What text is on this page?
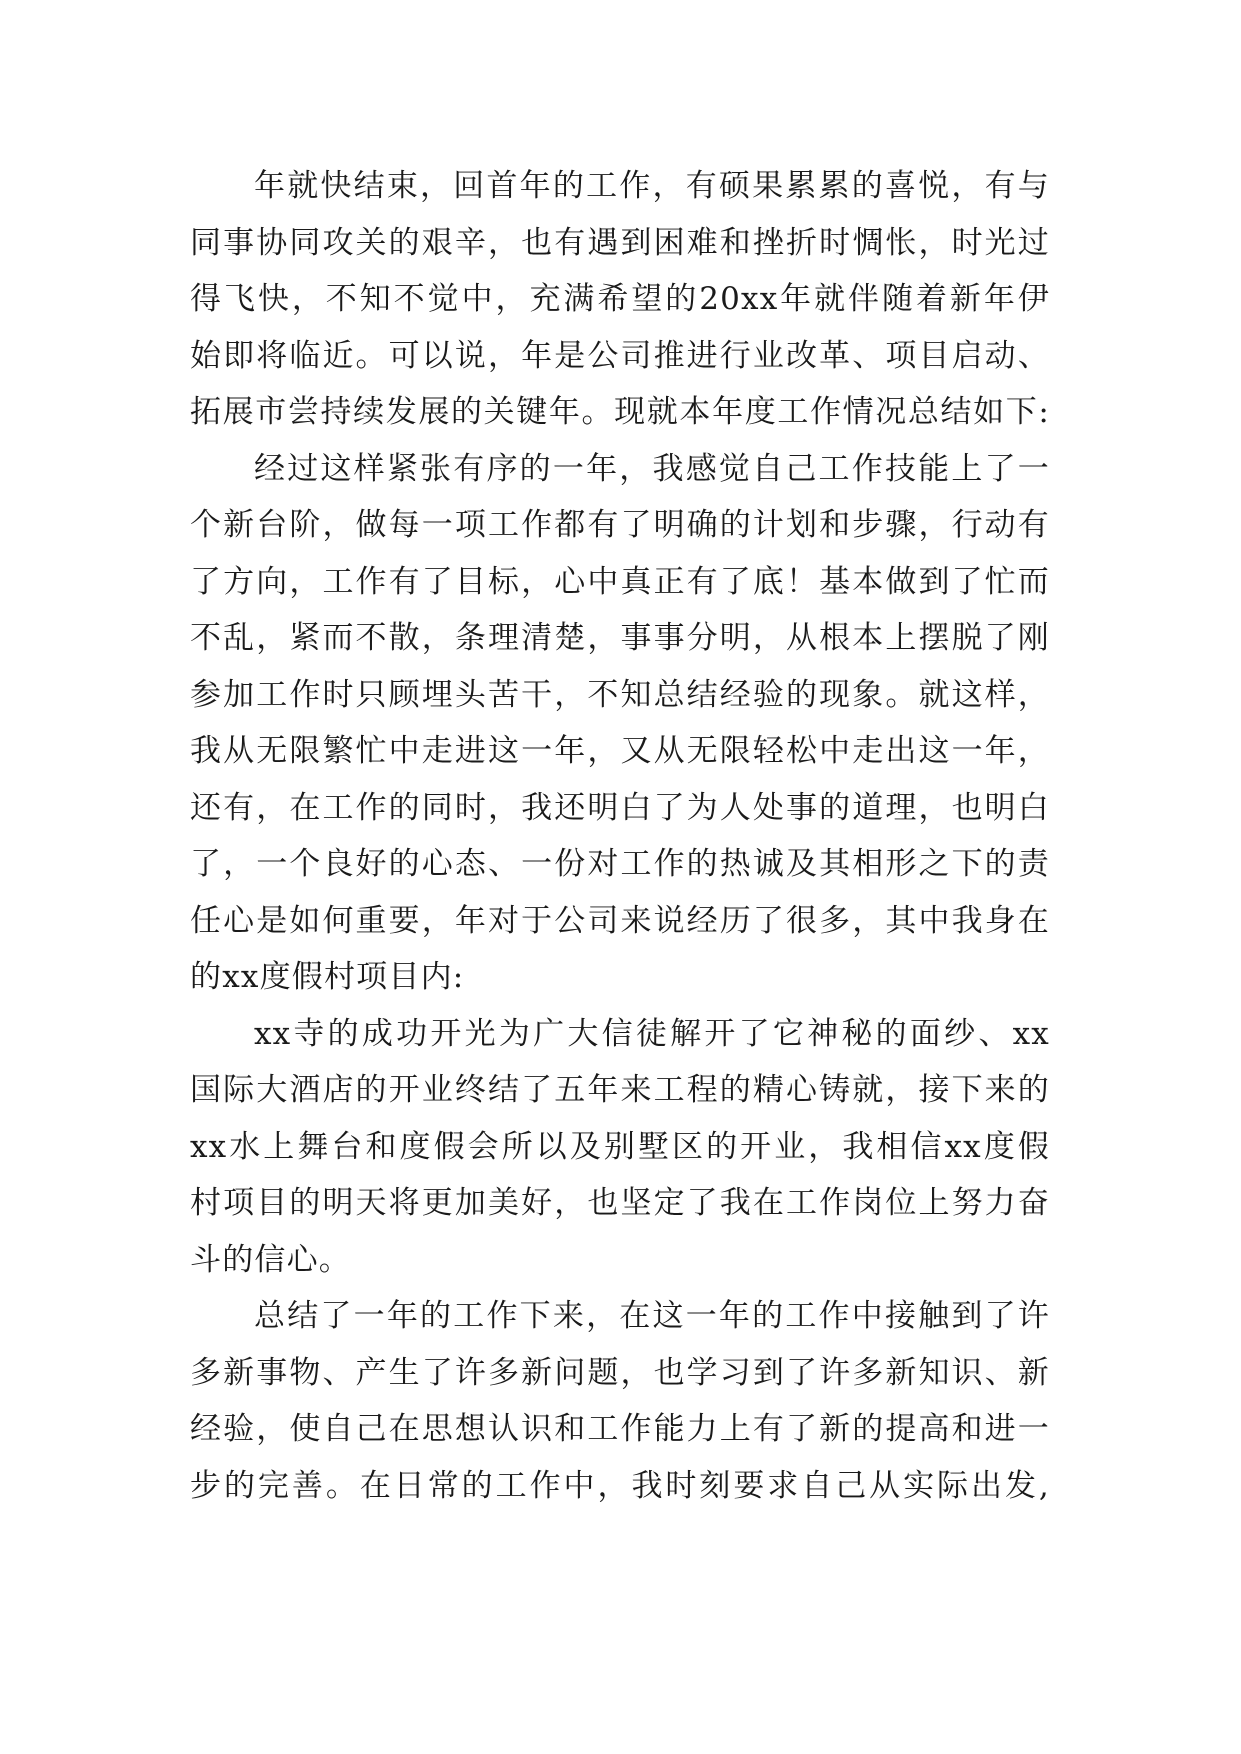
年就快结束，回首年的工作，有硕果累累的喜悦，有与
同事协同攻关的艰辛，也有遇到困难和挫折时惆怅，时光过
得飞快，不知不觉中，充满希望的20xx年就伴随着新年伊
始即将临近。可以说，年是公司推进行业改革、项目启动、
拓展市尝持续发展的关键年。现就本年度工作情况总结如下:
经过这样紧张有序的一年，我感觉自己工作技能上了一
个新台阶，做每一项工作都有了明确的计划和步骤，行动有
了方向，工作有了目标，心中真正有了底！基本做到了忙而
不乱，紧而不散，条理清楚，事事分明，从根本上摆脱了刚
参加工作时只顾埋头苦干，不知总结经验的现象。就这样，
我从无限繁忙中走进这一年，又从无限轻松中走出这一年，
还有，在工作的同时，我还明白了为人处事的道理，也明白
了，一个良好的心态、一份对工作的热诚及其相形之下的责
任心是如何重要，年对于公司来说经历了很多，其中我身在
的xx度假村项目内:
xx寺的成功开光为广大信徒解开了它神秘的面纱、xx
国际大酒店的开业终结了五年来工程的精心铸就，接下来的
xx水上舞台和度假会所以及别墅区的开业，我相信xx度假
村项目的明天将更加美好，也坚定了我在工作岗位上努力奋
斗的信心。
总结了一年的工作下来，在这一年的工作中接触到了许
多新事物、产生了许多新问题，也学习到了许多新知识、新
经验，使自己在思想认识和工作能力上有了新的提高和进一
步的完善。在日常的工作中，我时刻要求自己从实际出发,
